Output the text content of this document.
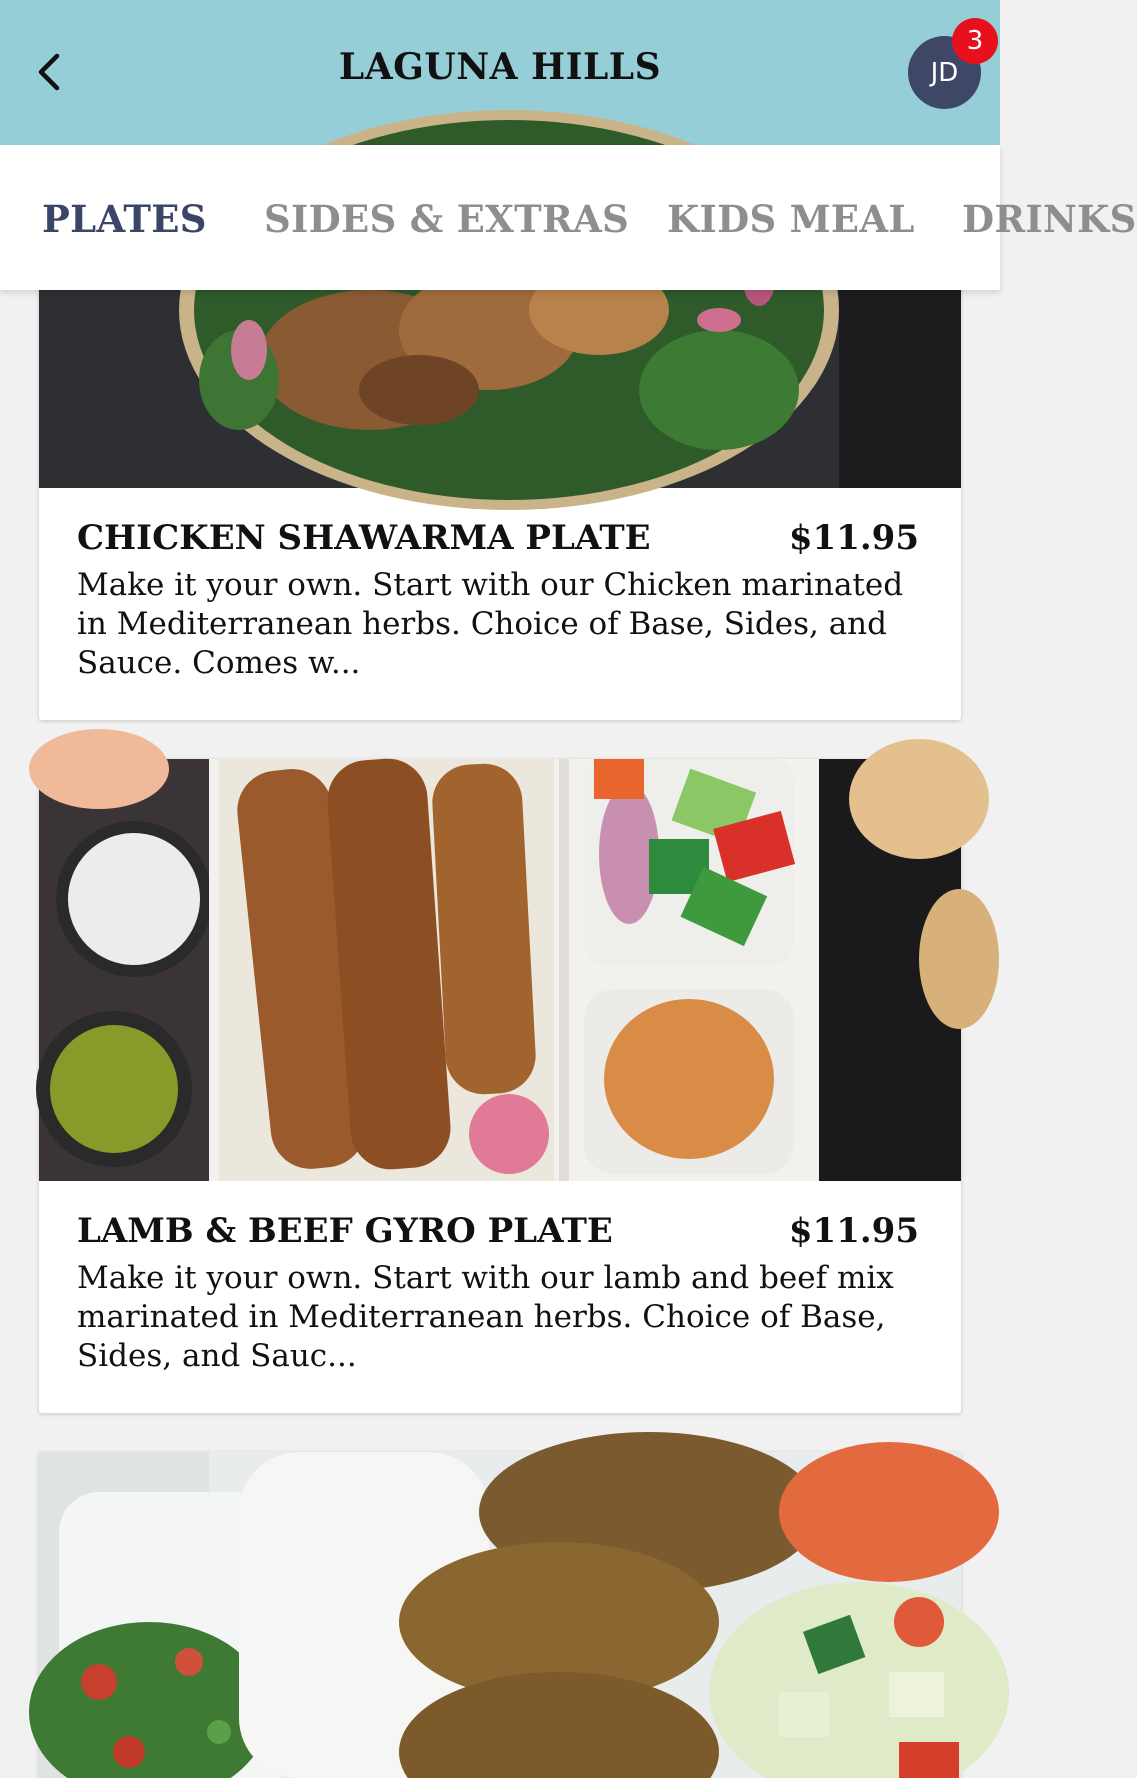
LAGUNA HILLS	JD
3
PLATES SIDES & EXTRAS KIDS MEAL DRINKS
CHICKEN SHAWARMA PLATE	$11.95
Make it your own. Start with our Chicken marinated in Mediterranean herbs. Choice of Base, Sides, and Sauce. Comes w...
LAMB & BEEF GYRO PLATE	$11.95
Make it your own. Start with our lamb and beef mix marinated in Mediterranean herbs. Choice of Base, Sides, and Sauc...
